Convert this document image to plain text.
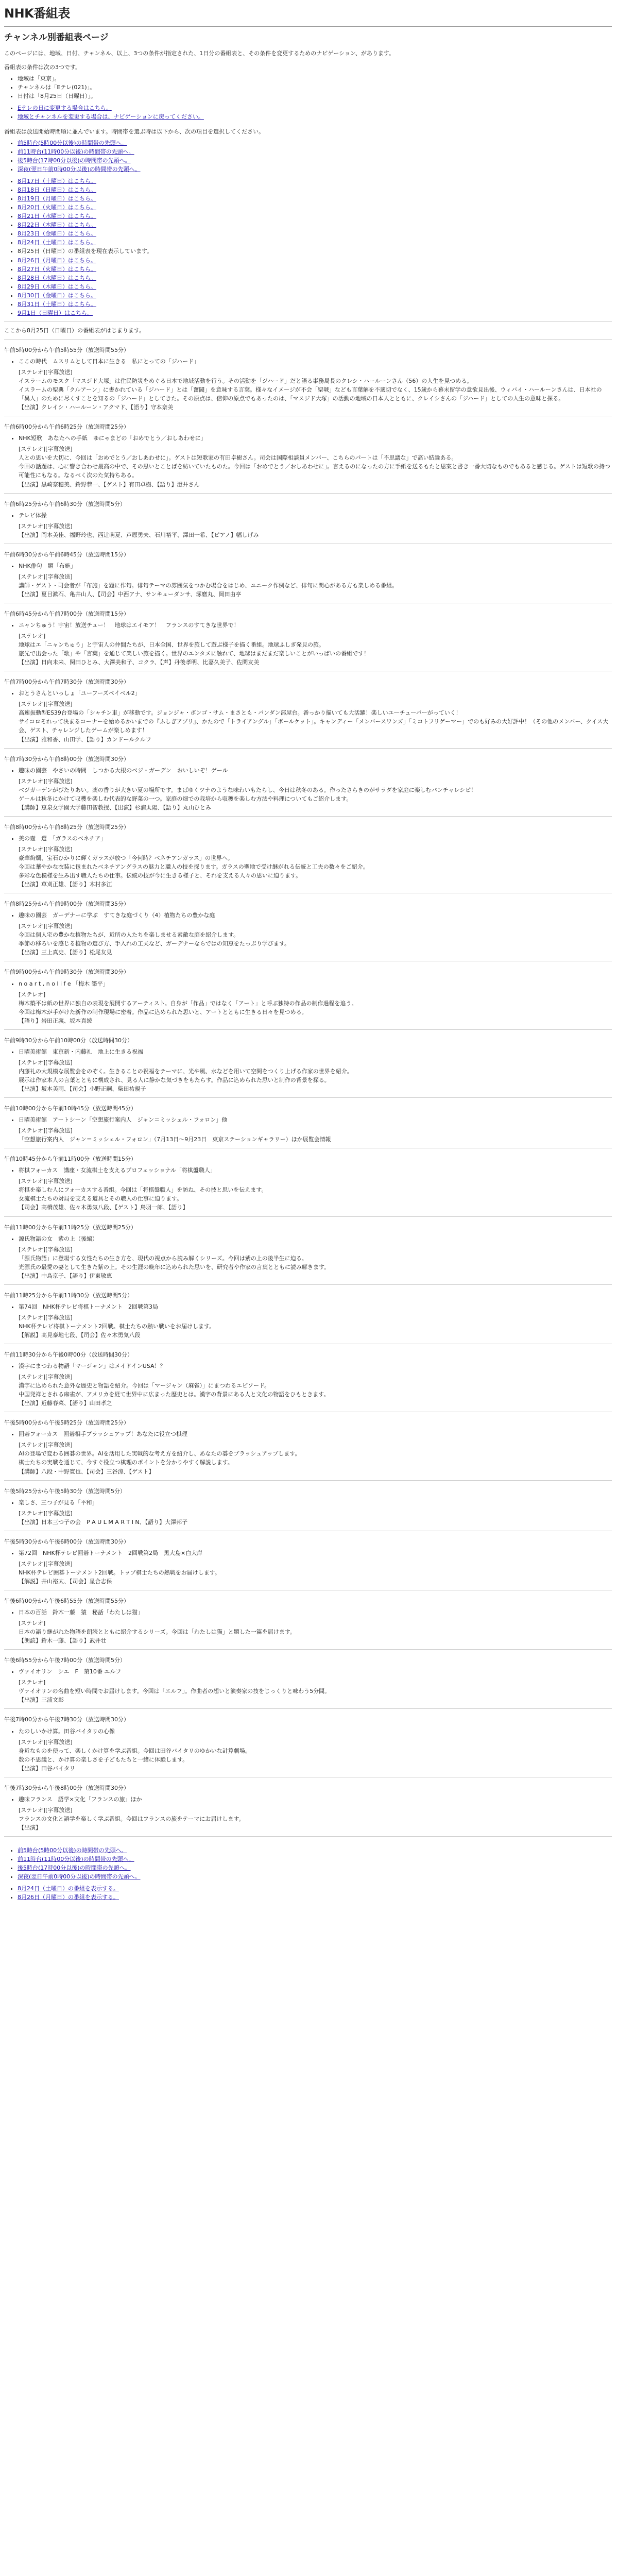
NHK番組表
チャンネル別番組表ページ

このページには、地域、日付、チャンネル、以上、3つの条件が指定された、1日分の番組表と、その条件を変更するためのナビゲーション、があります。

番組表の条件は次の3つです。

• 地域は「東京」。
• チャンネルは「Eテレ(021)」。
• 日付は「8月25日（日曜日）」。
• Eテレの日に変更する場合はこちら。
• 地域とチャンネルを変更する場合は、ナビゲーションに戻ってください。

番組表は放送開始時間順に並んでいます。時間帯を選ぶ時は以下から、次の項目を選択してください。

• 前5時台(5時00分以後)の時間帯の先頭へ。
• 前11時台(11時00分以後)の時間帯の先頭へ。
• 後5時台(17時00分以後)の時間帯の先頭へ。
• 深夜(翌日午前0時00分以後)の時間帯の先頭へ。
• 8月17日（土曜日）はこちら。
• 8月18日（日曜日）はこちら。
• 8月19日（月曜日）はこちら。
• 8月20日（火曜日）はこちら。
• 8月21日（水曜日）はこちら。
• 8月22日（木曜日）はこちら。
• 8月23日（金曜日）はこちら。
• 8月24日（土曜日）はこちら。
• 8月25日（日曜日）の番組表を現在表示しています。
• 8月26日（月曜日）はこちら。
• 8月27日（火曜日）はこちら。
• 8月28日（水曜日）はこちら。
• 8月29日（木曜日）はこちら。
• 8月30日（金曜日）はこちら。
• 8月31日（土曜日）はこちら。
• 9月1日（日曜日）はこちら。

ここから8月25日（日曜日）の番組表がはじまります。

午前5時00分から午前5時55分（放送時間55分）
• ここの時代　ムスリムとして日本に生きる　私にとっての「ジハード」
[ステレオ][字幕放送]
イスラームのモスク「マスジド大塚」は住民防災をめぐる日本で地域活動を行う。その活動を「ジハード」だと語る事務局長のクレシ・ハールーンさん（56）の人生を見つめる。
イスラームの聖典「クルアーン」に書かれている「ジハード」とは「奮闘」を意味する言葉。様々なイメージが不会「聖戦」なども言葉解を不適切でなく、15歳から幕末留学の意欲見出後、ウィバイ・ハールーンさんは、日本社の「異人」のために尽くすことを知るの「ジハード」としてきた。その原点は、信仰の原点でもあったのは、「マスジド大塚」の活動の地域の日本人とともに、クレイシさんの「ジハード」としての人生の意味と探る。
【出演】クレイシ・ハールーン・アクマド、【語り】守本奈美
午前6時00分から午前6時25分（放送時間25分）
• NHK短歌　あなたへの手紙　ゆにゃまどの「おめでとう／おしあわせに」
[ステレオ][字幕放送]
人との思いを大切に、今回は「おめでとう／おしあわせに」。ゲストは短歌家の有田卓樹さん。司会は国際相談員メンバー、こちらのパートは「不思議な」で高い結論ある。
今回の話題は、心に響き合わせ最高の中で、その思いとことばを紡いていたものた。今回は「おめでとう／おしあわせに」。言えるのになったの方に手紙を送るもたと思案と書き一番大切なものでもあると感じる。ゲストは短歌の持つ可能性にもなる。なるべく次のた気持ちある。
【出演】黒崎奈穂美、鈴野恭一、【ゲスト】有田卓樹、【語り】澄井さん
午前6時25分から午前6時30分（放送時間5分）
• テレビ体操
[ステレオ][字幕放送]
【出演】岡本美佳、福野玲也、西辻萌夏、芦原勇夫、石川裕平、澤田一希、【ピアノ】幅しげみ
午前6時30分から午前6時45分（放送時間15分）
• NHK俳句　題「布施」
[ステレオ][字幕放送]
講師・ゲスト・司会者が「布施」を題に作句。俳句テーマの雰囲気をつかむ場合をはじめ、ユニーク作例など、俳句に関心がある方も楽しめる番組。
【出演】夏目漱石、亀井山人、【司会】中西アナ、サンキューダンサ、琢磨丸、岡田由亭
午前6時45分から午前7時00分（放送時間15分）
• ニャンちゅう！宇宙！放送チュー！　地球はエイモア！　フランスのすてきな世界で！
[ステレオ]
地球はエ「ニャンちゅう」と宇宙人の仲間たちが、日本全国、世界を旅して遊ぶ様子を描く番組。地球ふしぎ発見の旅。
旅先で出会った「歌」や「言葉」を通じて楽しい旅を描く。世界のエンタメに触れて、地球はまだまだ楽しいことがいっぱいの番組です！
【出演】日向未来、関田ひとみ、大澤美和子、コクラ、【声】丹後孝明、比嘉久美子、佐間友美
午前7時00分から午前7時30分（放送時間30分）
• おとうさんといっしょ「ユーフーズベイベル2」
[ステレオ][字幕放送]
高速振動型ES39台登場の「シャチン車」が移動です。ジョンジャ・ボンゴ・サム・まさとも・パンダン部屋台。番っかり描いても大活躍！楽しいユーチューバーがっていく！
サイコロそれって決まるコーナーを始めるかいまでの『ふしぎアプリ』、かたので「トライアングル」「ボールケット」。キャンディー「メンバースワンズ」「ミコトフリゲーマー」でのも好みの大好評中！（その他のメンバー、クイス大会、ゲスト、チャレンジしたゲームが楽しめます！
【出演】雅和香、山田学、【語り】カンドールクルフ
午前7時30分から午前8時00分（放送時間30分）
• 趣味の園芸　やさいの時間　しつかる大根のベジ・ガーデン　おいしいぞ！ゲール
[ステレオ][字幕放送]
ベジガーデンがびたりあい。薬の香りが大きい夏の場所です。まばゆくツナのような味わいもたらし、今日は秋冬のある。作ったさらきのがサラダを家庭に楽しむパンチャレシピ！
ゲールは秋冬にかけて収穫を楽しむ代表的な野菜の一つ。家庭の畑での栽培から収穫を楽しむ方法や料理についてもご紹介します。
【講師】恵泉女学園大学藤田智教授、【出演】杉浦太陽、【語り】丸山ひとみ
午前8時00分から午前8時25分（放送時間25分）
• 美の壺　選　「ガラスのベネチア」
[ステレオ][字幕放送]
豪華絢爛、宝石ひかりに輝くガラスが放つ「今何時？ベネチアンガラス」の世界へ。
今回は華やかな衣装に包まれたベネチアングラスの魅力と職人の技を探ります。ガラスの聖地で受け継がれる伝統と工夫の数々をご紹介。
多彩な色模様を生み出す職人たちの仕事。伝統の技が今に生きる様子と、それを支える人々の思いに迫ります。
【出演】草刈正雄、【語り】木村多江
午前8時25分から午前9時00分（放送時間35分）
• 趣味の園芸　ガーデナーに学ぶ　すてきな庭づくり（4）植物たちの豊かな庭
[ステレオ][字幕放送]
今回は個人宅の豊かな植物たちが、近所の人たちを楽しませる素敵な庭を紹介します。
季節の移ろいを感じる植物の選び方、手入れの工夫など、ガーデナーならではの知恵をたっぷり学びます。
【出演】三上真史、【語り】松尾友見
午前9時00分から午前9時30分（放送時間30分）
• n o a r t , n o l i f e 「梅木 築平」
[ステレオ]
梅木築平は紙の世界に独自の表現を展開するアーティスト。自身が「作品」ではなく「アート」と呼ぶ独特の作品の制作過程を追う。
今回は梅木が手がけた新作の制作現場に密着。作品に込められた思いと、アートとともに生きる日々を見つめる。
【語り】岩田正義、坂本真綾
午前9時30分から午前10時00分（放送時間30分）
• 日曜美術館　東京新・内藤礼　地上に生きる祝福
[ステレオ][字幕放送]
内藤礼の大規模な展覧会をのぞく。生きることの祝福をテーマに、光や風、水などを用いて空間をつくり上げる作家の世界を紹介。
展示は作家本人の言葉とともに構成され、見る人に静かな気づきをもたらす。作品に込められた思いと制作の背景を探る。
【出演】坂本美雨、【司会】小野正嗣、柴田祐規子
午前10時00分から午前10時45分（放送時間45分）
• 日曜美術館　アートシーン「空想旅行案内人　ジャン＝ミッシェル・フォロン」他
[ステレオ][字幕放送]
「空想旅行案内人　ジャン＝ミッシェル・フォロン」（7月13日〜9月23日　東京ステーションギャラリー）ほか展覧会情報
午前10時45分から午前11時00分（放送時間15分）
• 将棋フォーカス　講座・女流棋士を支えるプロフェッショナル「将棋盤職人」
[ステレオ][字幕放送]
将棋を楽しむ人にフォーカスする番組。今回は「将棋盤職人」を訪ね、その技と思いを伝えます。
女流棋士たちの対局を支える道具とその職人の仕事に迫ります。
【司会】高橋茂雄、佐々木勇気八段、【ゲスト】鳥羽一郎、【語り】
午前11時00分から午前11時25分（放送時間25分）
• 源氏物語の女　紫の上（後編）
[ステレオ][字幕放送]
「源氏物語」に登場する女性たちの生き方を、現代の視点から読み解くシリーズ。今回は紫の上の後半生に迫る。
光源氏の最愛の妻として生きた紫の上。その生涯の晩年に込められた思いを、研究者や作家の言葉とともに読み解きます。
【出演】中島京子、【語り】伊東敏恵
午前11時25分から午前11時30分（放送時間5分）
• 第74回　NHK杯テレビ将棋トーナメント　2回戦第3局
[ステレオ][字幕放送]
NHK杯テレビ将棋トーナメント2回戦。棋士たちの熱い戦いをお届けします。
【解説】高見泰地七段、【司会】佐々木勇気八段
午前11時30分から午後0時00分（放送時間30分）
• 漢字にまつわる物語「マージャン」はメイドインUSA！？
[ステレオ][字幕放送]
漢字に込められた意外な歴史と物語を紹介。今回は「マージャン（麻雀）」にまつわるエピソード。
中国発祥とされる麻雀が、アメリカを経て世界中に広まった歴史とは。漢字の背景にある人と文化の物語をひもときます。
【出演】近藤春菜、【語り】山田孝之
午後5時00分から午後5時25分（放送時間25分）
• 囲碁フォーカス　囲碁相手ブラッシュアップ！あなたに役立つ棋理
[ステレオ][字幕放送]
AIの登場で変わる囲碁の世界。AIを活用した実戦的な考え方を紹介し、あなたの碁をブラッシュアップします。
棋士たちの実戦を通じて、今すぐ役立つ棋理のポイントを分かりやすく解説します。
【講師】八段・中野寛也、【司会】三谷涼、【ゲスト】
午後5時25分から午後5時30分（放送時間5分）
• 楽しさ、三つ子が見る「平和」
[ステレオ][字幕放送]
【出演】日本三つ子の会　P A U L M A R T I N、【語り】大澤邦子
午後5時30分から午後6時00分（放送時間30分）
• 第72回　NHK杯テレビ囲碁トーナメント　2回戦第2局　黒大島×白大岸
[ステレオ][字幕放送]
NHK杯テレビ囲碁トーナメント2回戦。トップ棋士たちの熱戦をお届けします。
【解説】井山裕太、【司会】星合志保
午後6時00分から午後6時55分（放送時間55分）
• 日本の百話　鈴木一藤　猿　秘話「わたしは猫」
[ステレオ]
日本の語り継がれた物語を朗読とともに紹介するシリーズ。今回は「わたしは猫」と題した一篇を届けます。
【朗読】鈴木一藤、【語り】武井壮
午後6時55分から午後7時00分（放送時間5分）
• ヴァイオリン　シエ　F　第10番 エルフ
[ステレオ]
ヴァイオリンの名曲を短い時間でお届けします。今回は「エルフ」。作曲者の想いと演奏家の技をじっくりと味わう5分間。
【出演】三浦文彰
午後7時00分から午後7時30分（放送時間30分）
• たのしいかけ算。田谷バイタリの心像
[ステレオ][字幕放送]
身近なものを使って、楽しくかけ算を学ぶ番組。今回は田谷バイタリのゆかいな計算劇場。
数の不思議と、かけ算の楽しさを子どもたちと一緒に体験します。
【出演】田谷バイタリ
午後7時30分から午後8時00分（放送時間30分）
• 趣味フランス　語学×文化「フランスの旅」ほか
[ステレオ][字幕放送]
フランスの文化と語学を楽しく学ぶ番組。今回はフランスの旅をテーマにお届けします。
【出演】
• 前5時台(5時00分以後)の時間帯の先頭へ。
• 前11時台(11時00分以後)の時間帯の先頭へ。
• 後5時台(17時00分以後)の時間帯の先頭へ。
• 深夜(翌日午前0時00分以後)の時間帯の先頭へ。
• 8月24日（土曜日）の番組を表示する。
• 8月26日（月曜日）の番組を表示する。
